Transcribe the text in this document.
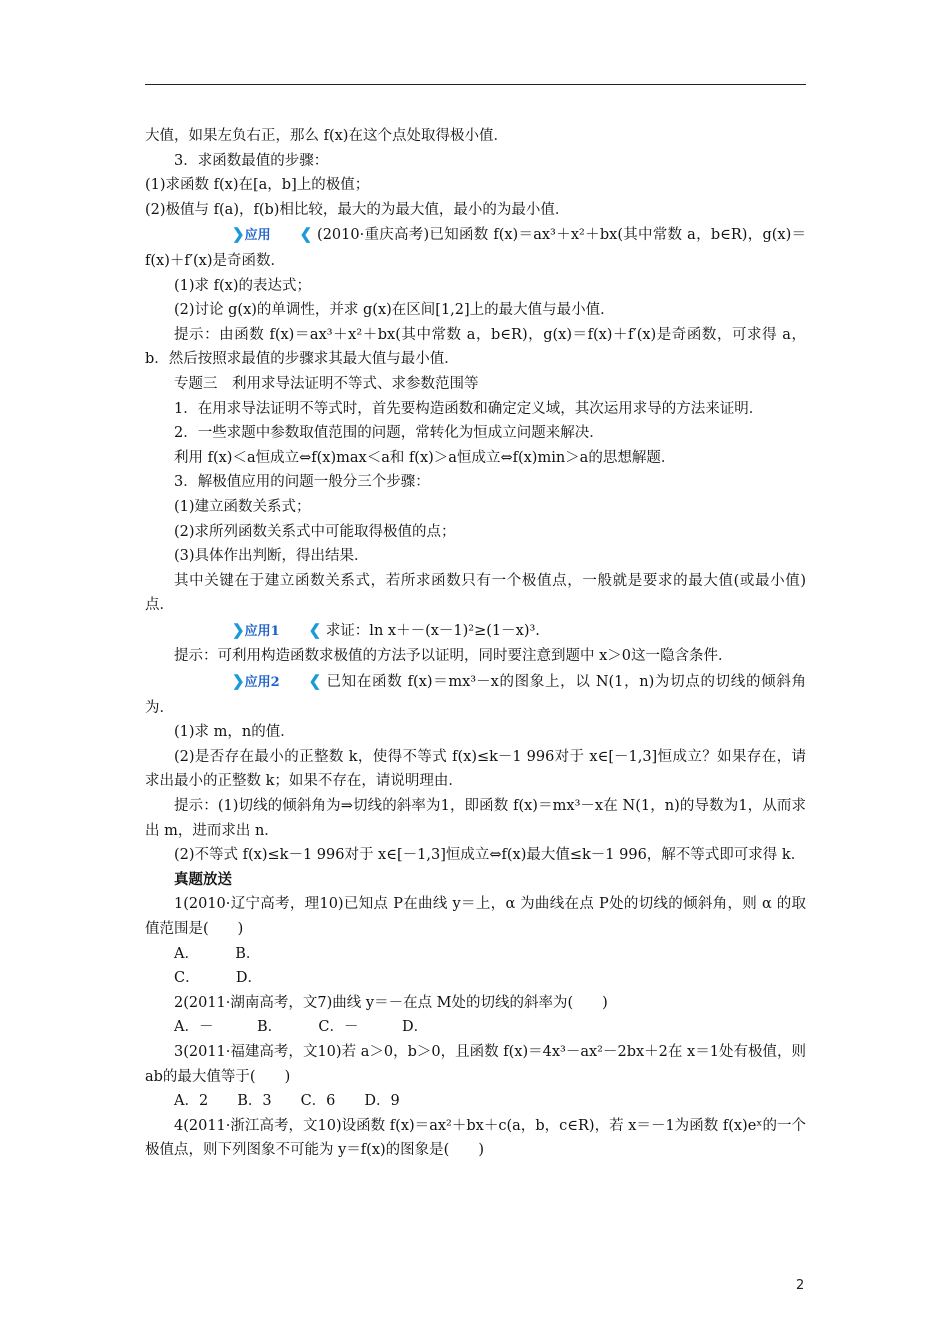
大值，如果左负右正，那么 f(x)在这个点处取得极小值．

3．求函数最值的步骤：

(1)求函数 f(x)在[a，b]上的极值；

(2)极值与 f(a)，f(b)相比较，最大的为最大值，最小的为最小值．

❯应用 ❮ (2010·重庆高考)已知函数 f(x)＝ax³＋x²＋bx(其中常数 a，b∈R)，g(x)＝f(x)＋f′(x)是奇函数．

(1)求 f(x)的表达式；

(2)讨论 g(x)的单调性，并求 g(x)在区间[1,2]上的最大值与最小值．

提示：由函数 f(x)＝ax³＋x²＋bx(其中常数 a，b∈R)，g(x)＝f(x)＋f′(x)是奇函数，可求得 a，b．然后按照求最值的步骤求其最大值与最小值．

专题三　利用求导法证明不等式、求参数范围等

1．在用求导法证明不等式时，首先要构造函数和确定定义域，其次运用求导的方法来证明．

2．一些求题中参数取值范围的问题，常转化为恒成立问题来解决．

利用 f(x)＜a恒成立⇔f(x)max＜a和 f(x)＞a恒成立⇔f(x)min＞a的思想解题．

3．解极值应用的问题一般分三个步骤：

(1)建立函数关系式；

(2)求所列函数关系式中可能取得极值的点；

(3)具体作出判断，得出结果．

其中关键在于建立函数关系式，若所求函数只有一个极值点，一般就是要求的最大值(或最小值)点．

❯应用1 ❮ 求证：ln x＋－(x－1)²≥(1－x)³.

提示：可利用构造函数求极值的方法予以证明，同时要注意到题中 x＞0这一隐含条件．

❯应用2 ❮ 已知在函数 f(x)＝mx³－x的图象上，以 N(1，n)为切点的切线的倾斜角为．

(1)求 m，n的值．

(2)是否存在最小的正整数 k，使得不等式 f(x)≤k－1 996对于 x∈[－1,3]恒成立？如果存在，请求出最小的正整数 k；如果不存在，请说明理由．

提示：(1)切线的倾斜角为⇒切线的斜率为1，即函数 f(x)＝mx³－x在 N(1，n)的导数为1，从而求出 m，进而求出 n．

(2)不等式 f(x)≤k－1 996对于 x∈[－1,3]恒成立⇔f(x)最大值≤k－1 996，解不等式即可求得 k．

真题放送

1(2010·辽宁高考，理10)已知点 P在曲线 y＝上，α 为曲线在点 P处的切线的倾斜角，则 α 的取值范围是(　　)

A．　　　B．

C．　　　D．

2(2011·湖南高考，文7)曲线 y＝－在点 M处的切线的斜率为(　　)

A．－　　　B．　　　C．－　　　D．

3(2011·福建高考，文10)若 a＞0，b＞0，且函数 f(x)＝4x³－ax²－2bx＋2在 x＝1处有极值，则 ab的最大值等于(　　)

A．2　　B．3　　C．6　　D．9

4(2011·浙江高考，文10)设函数 f(x)＝ax²＋bx＋c(a，b，c∈R)，若 x＝－1为函数 f(x)eˣ的一个极值点，则下列图象不可能为 y＝f(x)的图象是(　　)

2
